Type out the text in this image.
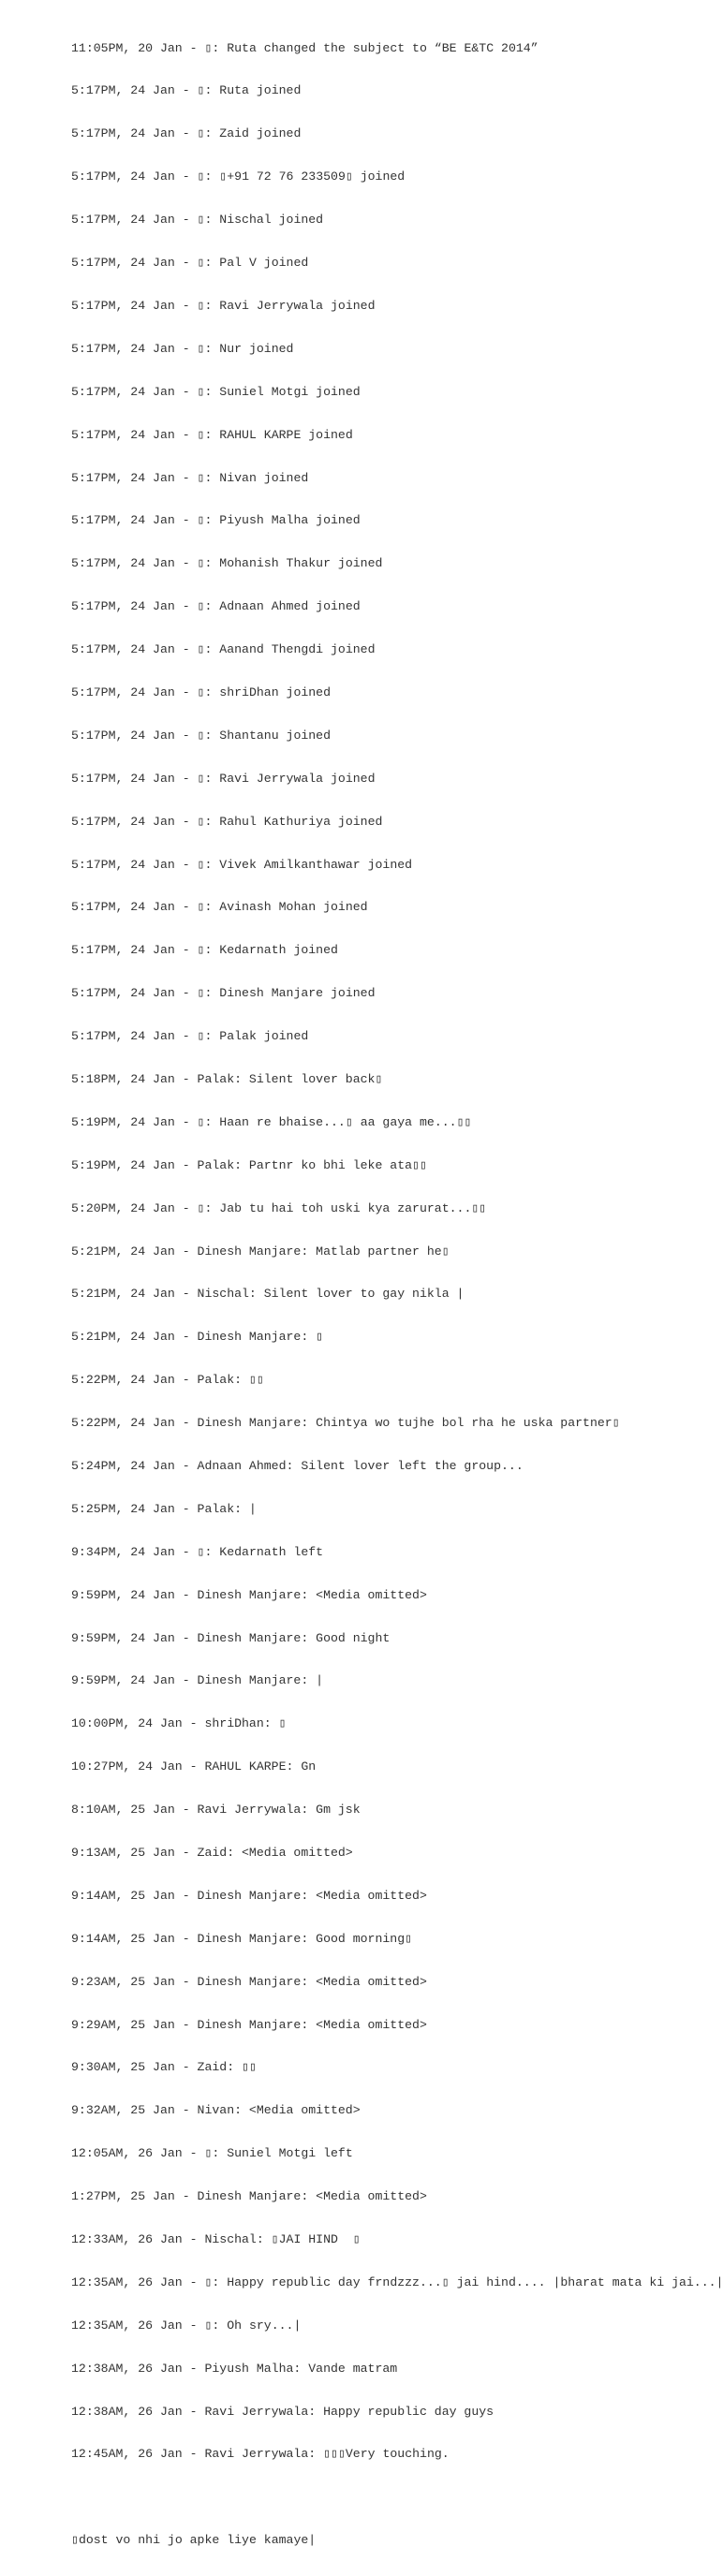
11:05PM, 20 Jan - ▯: Ruta changed the subject to “BE E&TC 2014”

5:17PM, 24 Jan - ▯: Ruta joined

5:17PM, 24 Jan - ▯: Zaid joined

5:17PM, 24 Jan - ▯: ▯+91 72 76 233509▯ joined

5:17PM, 24 Jan - ▯: Nischal joined

5:17PM, 24 Jan - ▯: Pal V joined

5:17PM, 24 Jan - ▯: Ravi Jerrywala joined

5:17PM, 24 Jan - ▯: Nur joined

5:17PM, 24 Jan - ▯: Suniel Motgi joined

5:17PM, 24 Jan - ▯: RAHUL KARPE joined

5:17PM, 24 Jan - ▯: Nivan joined

5:17PM, 24 Jan - ▯: Piyush Malha joined

5:17PM, 24 Jan - ▯: Mohanish Thakur joined

5:17PM, 24 Jan - ▯: Adnaan Ahmed joined

5:17PM, 24 Jan - ▯: Aanand Thengdi joined

5:17PM, 24 Jan - ▯: shriDhan joined

5:17PM, 24 Jan - ▯: Shantanu joined

5:17PM, 24 Jan - ▯: Ravi Jerrywala joined

5:17PM, 24 Jan - ▯: Rahul Kathuriya joined

5:17PM, 24 Jan - ▯: Vivek Amilkanthawar joined

5:17PM, 24 Jan - ▯: Avinash Mohan joined

5:17PM, 24 Jan - ▯: Kedarnath joined

5:17PM, 24 Jan - ▯: Dinesh Manjare joined

5:17PM, 24 Jan - ▯: Palak joined

5:18PM, 24 Jan - Palak: Silent lover back▯

5:19PM, 24 Jan - ▯: Haan re bhaise...▯ aa gaya me...▯▯

5:19PM, 24 Jan - Palak: Partnr ko bhi leke ata▯▯

5:20PM, 24 Jan - ▯: Jab tu hai toh uski kya zarurat...▯▯

5:21PM, 24 Jan - Dinesh Manjare: Matlab partner he▯

5:21PM, 24 Jan - Nischal: Silent lover to gay nikla |

5:21PM, 24 Jan - Dinesh Manjare: ▯

5:22PM, 24 Jan - Palak: ▯▯

5:22PM, 24 Jan - Dinesh Manjare: Chintya wo tujhe bol rha he uska partner▯

5:24PM, 24 Jan - Adnaan Ahmed: Silent lover left the group...

5:25PM, 24 Jan - Palak: |

9:34PM, 24 Jan - ▯: Kedarnath left

9:59PM, 24 Jan - Dinesh Manjare: <Media omitted>

9:59PM, 24 Jan - Dinesh Manjare: Good night

9:59PM, 24 Jan - Dinesh Manjare: |

10:00PM, 24 Jan - shriDhan: ▯

10:27PM, 24 Jan - RAHUL KARPE: Gn

8:10AM, 25 Jan - Ravi Jerrywala: Gm jsk

9:13AM, 25 Jan - Zaid: <Media omitted>

9:14AM, 25 Jan - Dinesh Manjare: <Media omitted>

9:14AM, 25 Jan - Dinesh Manjare: Good morning▯

9:23AM, 25 Jan - Dinesh Manjare: <Media omitted>

9:29AM, 25 Jan - Dinesh Manjare: <Media omitted>

9:30AM, 25 Jan - Zaid: ▯▯

9:32AM, 25 Jan - Nivan: <Media omitted>

12:05AM, 26 Jan - ▯: Suniel Motgi left

1:27PM, 25 Jan - Dinesh Manjare: <Media omitted>

12:33AM, 26 Jan - Nischal: ▯JAI HIND  ▯

12:35AM, 26 Jan - ▯: Happy republic day frndzzz...▯ jai hind.... |bharat mata ki jai...|

12:35AM, 26 Jan - ▯: Oh sry...|

12:38AM, 26 Jan - Piyush Malha: Vande matram

12:38AM, 26 Jan - Ravi Jerrywala: Happy republic day guys

12:45AM, 26 Jan - Ravi Jerrywala: ▯▯▯Very touching.

▯dost vo nhi jo apke liye kamaye|
